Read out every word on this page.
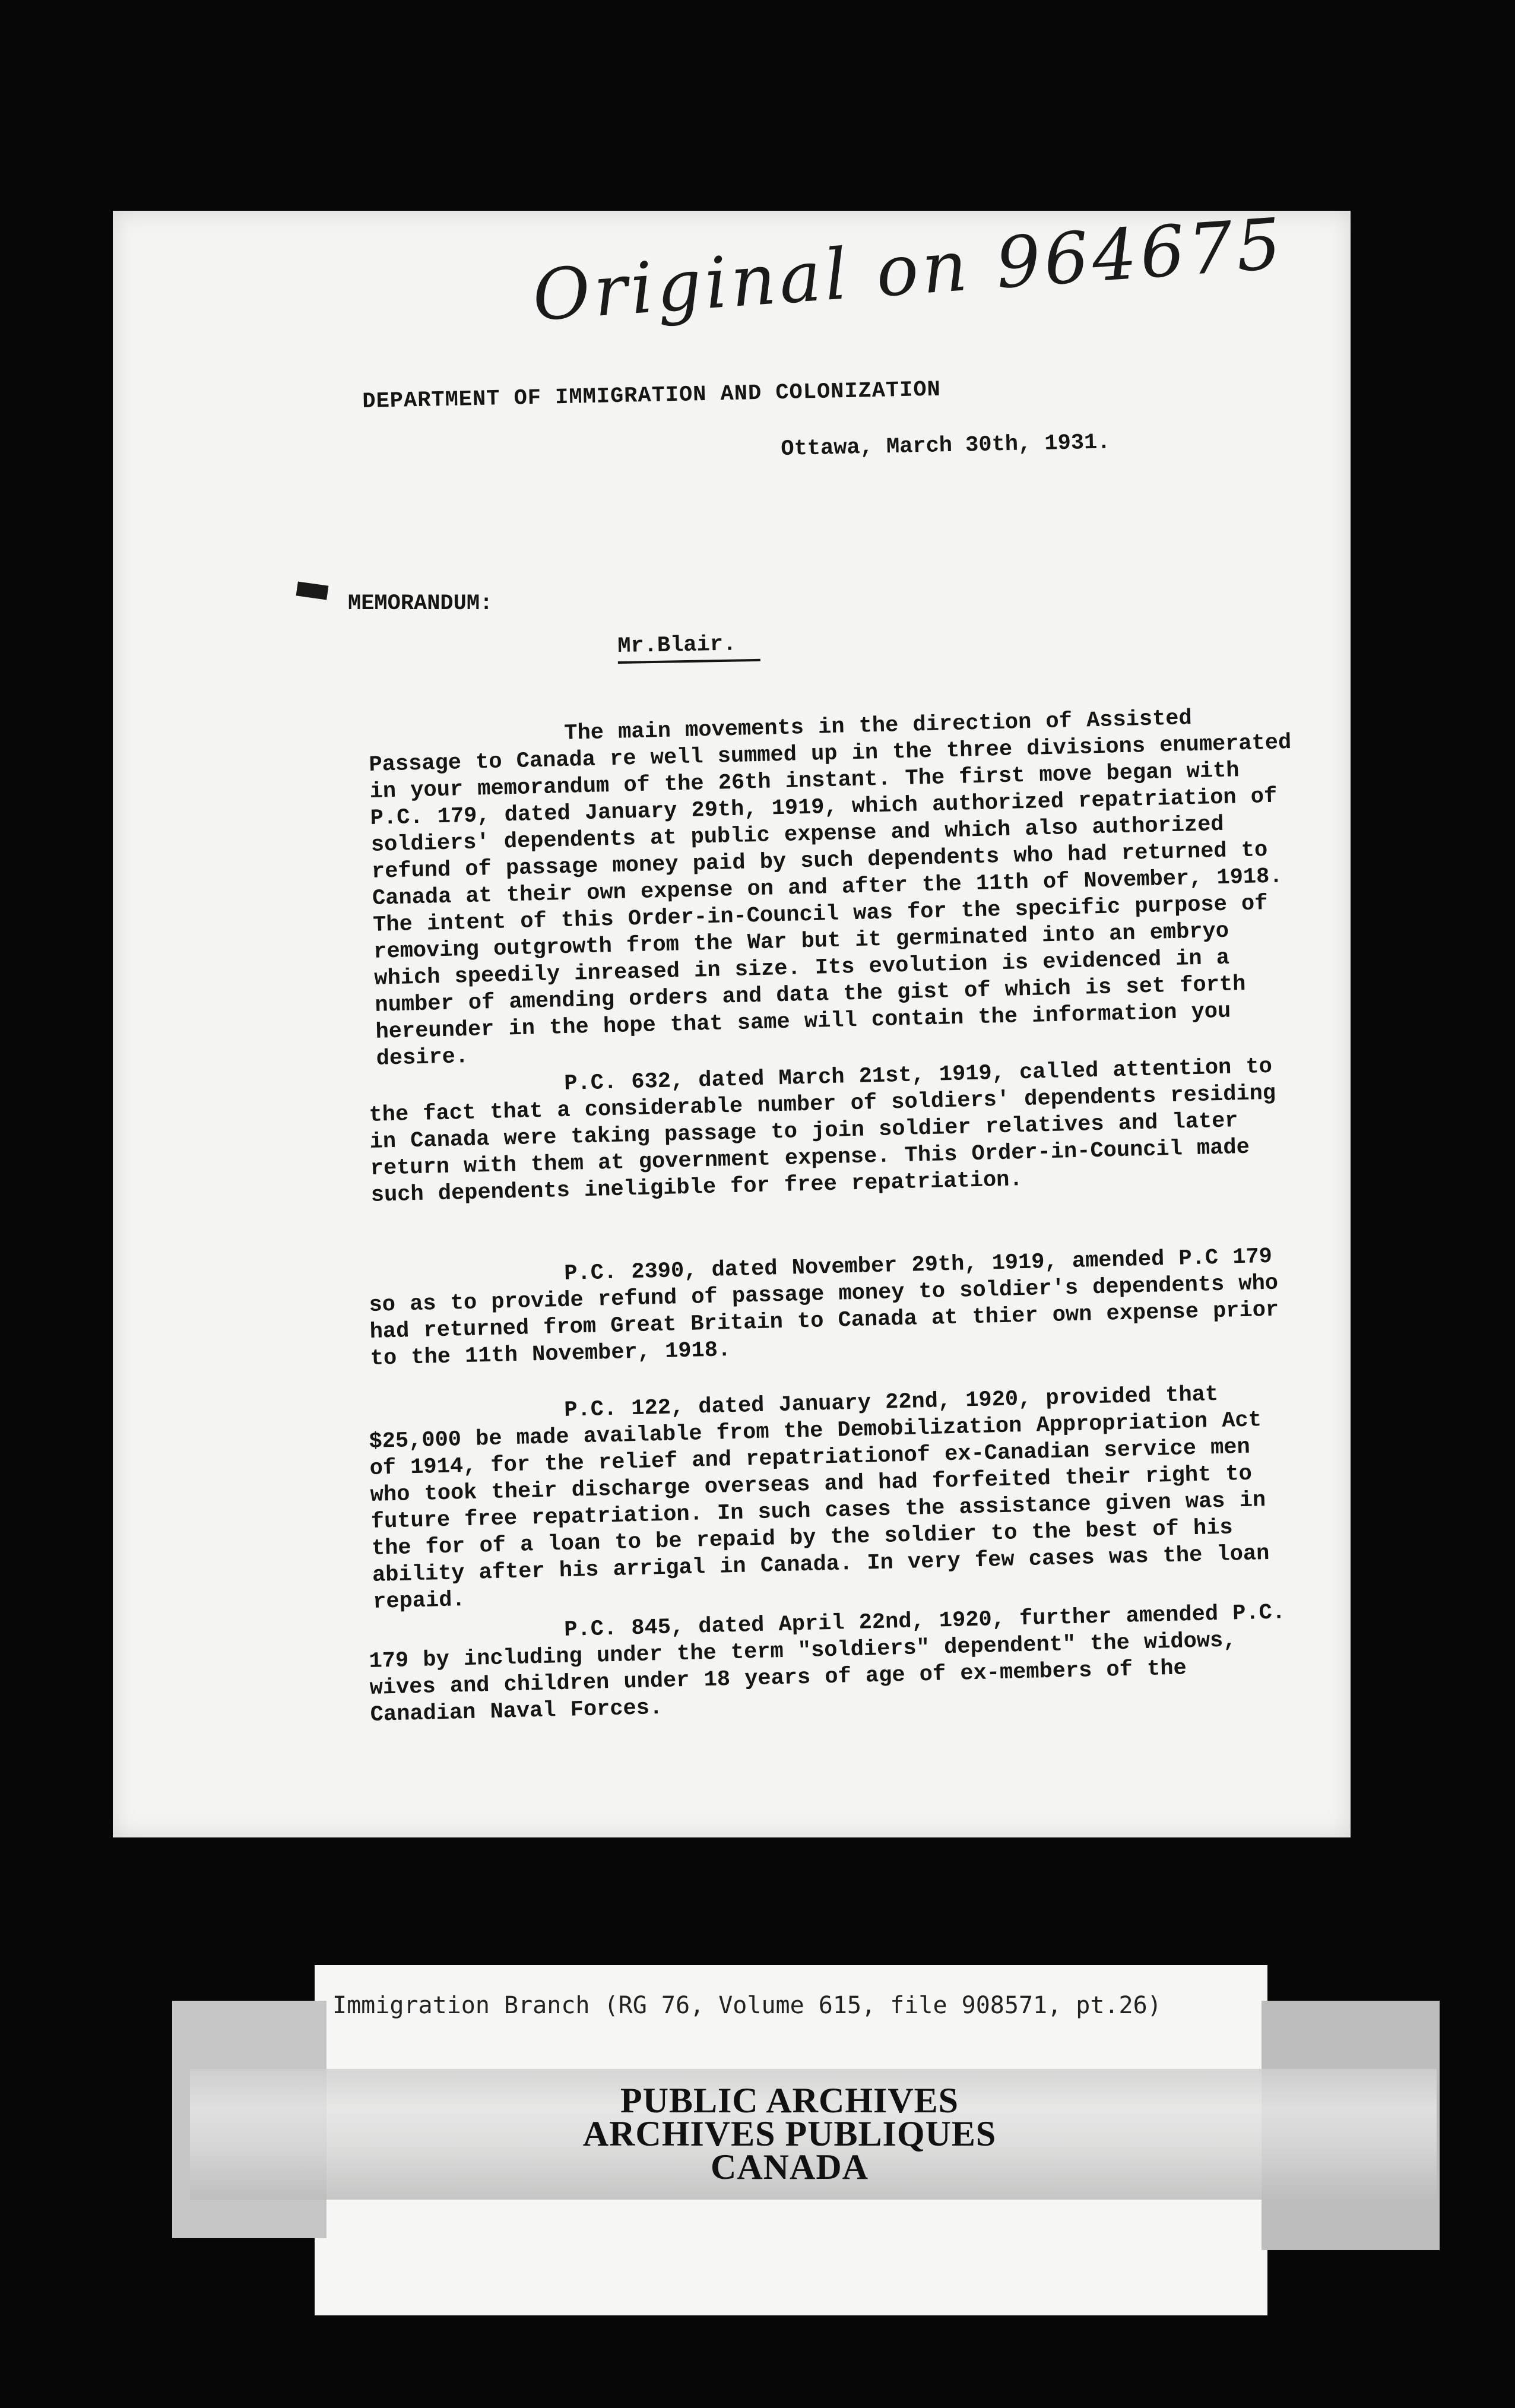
Original on 964675
DEPARTMENT OF IMMIGRATION AND COLONIZATION
Ottawa, March 30th, 1931.
MEMORANDUM:
Mr.Blair.

The main movements in the direction of Assisted Passage to Canada re well summed up in the three divisions enumerated in your memorandum of the 26th instant. The first move began with P.C. 179, dated January 29th, 1919, which authorized repatriation of soldiers' dependents at public expense and which also authorized refund of passage money paid by such dependents who had returned to Canada at their own expense on and after the 11th of November, 1918. The intent of this Order-in-Council was for the specific purpose of removing outgrowth from the War but it germinated into an embryo which speedily inreased in size. Its evolution is evidenced in a number of amending orders and data the gist of which is set forth hereunder in the hope that same will contain the information you desire.	P.C. 632, dated March 21st, 1919, called attention to the fact that a considerable number of soldiers' dependents residing in Canada were taking passage to join soldier relatives and later return with them at government expense. This Order-in-Council made such dependents ineligible for free repatriation.

P.C. 2390, dated November 29th, 1919, amended P.C 179 so as to provide refund of passage money to soldier's dependents who had returned from Great Britain to Canada at thier own expense prior to the 11th November, 1918.

P.C. 122, dated January 22nd, 1920, provided that $25,000 be made available from the Demobilization Appropriation Act of 1914, for the relief and repatriationof ex-Canadian service men who took their discharge overseas and had forfeited their right to future free repatriation. In such cases the assistance given was in the for of a loan to be repaid by the soldier to the best of his ability after his arrigal in Canada. In very few cases was the loan repaid.	P.C. 845, dated April 22nd, 1920, further amended P.C. 179 by including under the term "soldiers" dependent" the widows, wives and children under 18 years of age of ex-members of the Canadian Naval Forces.

Immigration Branch (RG 76, Volume 615, file 908571, pt.26)
PUBLIC ARCHIVES
ARCHIVES PUBLIQUES
CANADA
